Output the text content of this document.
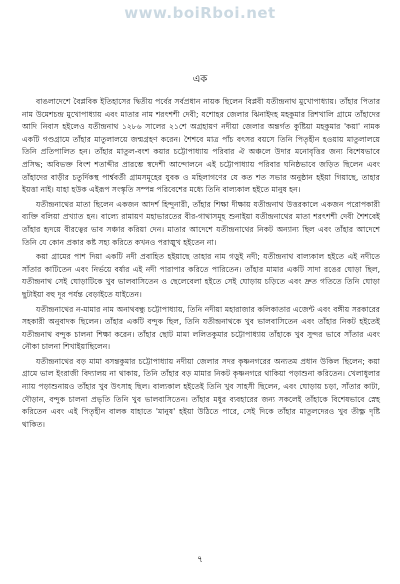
www.boiRboi.net
এক

বাঙলাদেশে বৈপ্লবিক ইতিহাসের দ্বিতীয় পর্বের সর্বপ্রধান নায়ক ছিলেন বিপ্লবী যতীন্দ্রনাথ মুখোপাধ্যায়। তাঁহার পিতার নাম উমেশচন্দ্র মুখোপাধ্যায় এবং মাতার নাম শরৎশশী দেবী; যশোহর জেলার ঝিনাইদহ মহকুমার রিশখালি গ্রামে তাঁহাদের আদি নিবাস হইলেও যতীন্দ্রনাথ ১২৮৬ সালের ২১শে অগ্রহায়ণ নদীয়া জেলার অন্তর্গত কুষ্টিয়া মহকুমার 'কয়া' নামক একটি গণ্ডগ্রামে তাঁহার মাতুলালয়ে জন্মগ্রহণ করেন। শৈশবে মাত্র পাঁচ বৎসর বয়সে তিনি পিতৃহীন হওয়ায় মাতুলালয়ে তিনি প্রতিপালিত হন। তাঁহার মাতুল-বংশ কয়ার চট্টোপাধ্যায় পরিবার ঐ অঞ্চলে উদার মনোবৃত্তির জন্য বিশেষভাবে প্রসিদ্ধ; অবিভক্ত বিংশ শতাব্দীর প্রারম্ভে স্বদেশী আন্দোলনে এই চট্টোপাধ্যায় পরিবার ঘনিষ্ঠভাবে জড়িত ছিলেন এবং তাঁহাদের বাড়ীর চতুর্দিকস্থ পার্শ্ববর্তী গ্রামসমূহের যুবক ও মহিলাগণের যে কত শত সভার অনুষ্ঠান হইয়া গিয়াছে, তাহার ইয়ত্তা নাই। যাহা হউক এইরূপ সংস্কৃতি সম্পন্ন পরিবেশের মধ্যে তিনি বাল্যকাল হইতে মানুষ হন।

যতীন্দ্রনাথের মাতা ছিলেন একজন আদর্শ হিন্দুনারী, তাঁহার শিক্ষা দীক্ষায় যতীন্দ্রনাথ উত্তরকালে একজন পরোপকারী ব্যক্তি বলিয়া প্রখ্যাত হন। বাল্যে রামায়ণ মহাভারতের বীর-গাথাসমূহ শুনাইয়া যতীন্দ্রনাথের মাতা শরৎশশী দেবী শৈশবেই তাঁহার হৃদয়ে বীরত্বের ভাব সঞ্চার করিয়া দেন। মাতার আদেশে যতীন্দ্রনাথের নিকট অন্যান্য ছিল এবং তাঁহার আদেশে তিনি যে কোন প্রকার কষ্ট সহ্য করিতে কখনও পরাঙ্মুখ হইতেন না।

কয়া গ্রামের পাশ দিয়া একটি নদী প্রবাহিত হইয়াছে তাহার নাম গড়ুই নদী; যতীন্দ্রনাথ বাল্যকাল হইতে এই নদীতে সাঁতার কাটিতেন এবং নির্ভয়ে বর্ষার এই নদী পারাপার করিতে পারিতেন। তাঁহার মামার একটি সাদা রঙের ঘোড়া ছিল, যতীন্দ্রনাথ সেই ঘোড়াটিকে খুব ভালবাসিতেন ও ছেলেবেলা হইতে সেই ঘোড়ায় চড়িতে এবং দ্রুত গতিতে তিনি ঘোড়া ছুটাইয়া বহু দূর পর্যন্ত বেড়াইতে যাইতেন।

যতীন্দ্রনাথের ন-মামার নাম অনাথবন্ধু চট্টোপাধ্যায়, তিনি নদীয়া মহারাজার কলিকাতার এজেন্ট এবং বঙ্গীয় সরকারের সহকারী অনুবাদক ছিলেন। তাঁহার একটি বন্দুক ছিল, তিনি যতীন্দ্রনাথকে খুব ভালবাসিতেন এবং তাঁহার নিকট হইতেই যতীন্দ্রনাথ বন্দুক চালনা শিক্ষা করেন। তাঁহার ছোট মামা ললিতকুমার চট্টোপাধ্যায় তাঁহাকে খুব সুন্দর ভাবে সাঁতার এবং নৌকা চালনা শিখাইয়াছিলেন।

যতীন্দ্রনাথের বড় মামা বসন্তকুমার চট্টোপাধ্যায় নদীয়া জেলার সদর কৃষ্ণনগরের অন্যতম প্রধান উকিল ছিলেন; কয়া গ্রামে ভাল ইংরাজী বিদ্যালয় না থাকায়, তিনি তাঁহার বড় মামার নিকট কৃষ্ণনগরে থাকিয়া পড়াশুনা করিতেন। খেলাধুলার ন্যায় পড়াশুনায়ও তাঁহার খুব উৎসাহ ছিল। বাল্যকাল হইতেই তিনি খুব সাহসী ছিলেন, এবং ঘোড়ায় চড়া, সাঁতার কাটা, দৌড়ান, বন্দুক চালনা প্রভৃতি তিনি খুব ভালবাসিতেন। তাঁহার মধুর ব্যবহারের জন্য সকলেই তাঁহাকে বিশেষভাবে স্নেহ করিতেন এবং এই পিতৃহীন বালক যাহাতে 'মানুষ' হইয়া উঠিতে পারে, সেই দিকে তাঁহার মাতুলদেরও খুব তীক্ষ্ণ দৃষ্টি থাকিত।

৭
